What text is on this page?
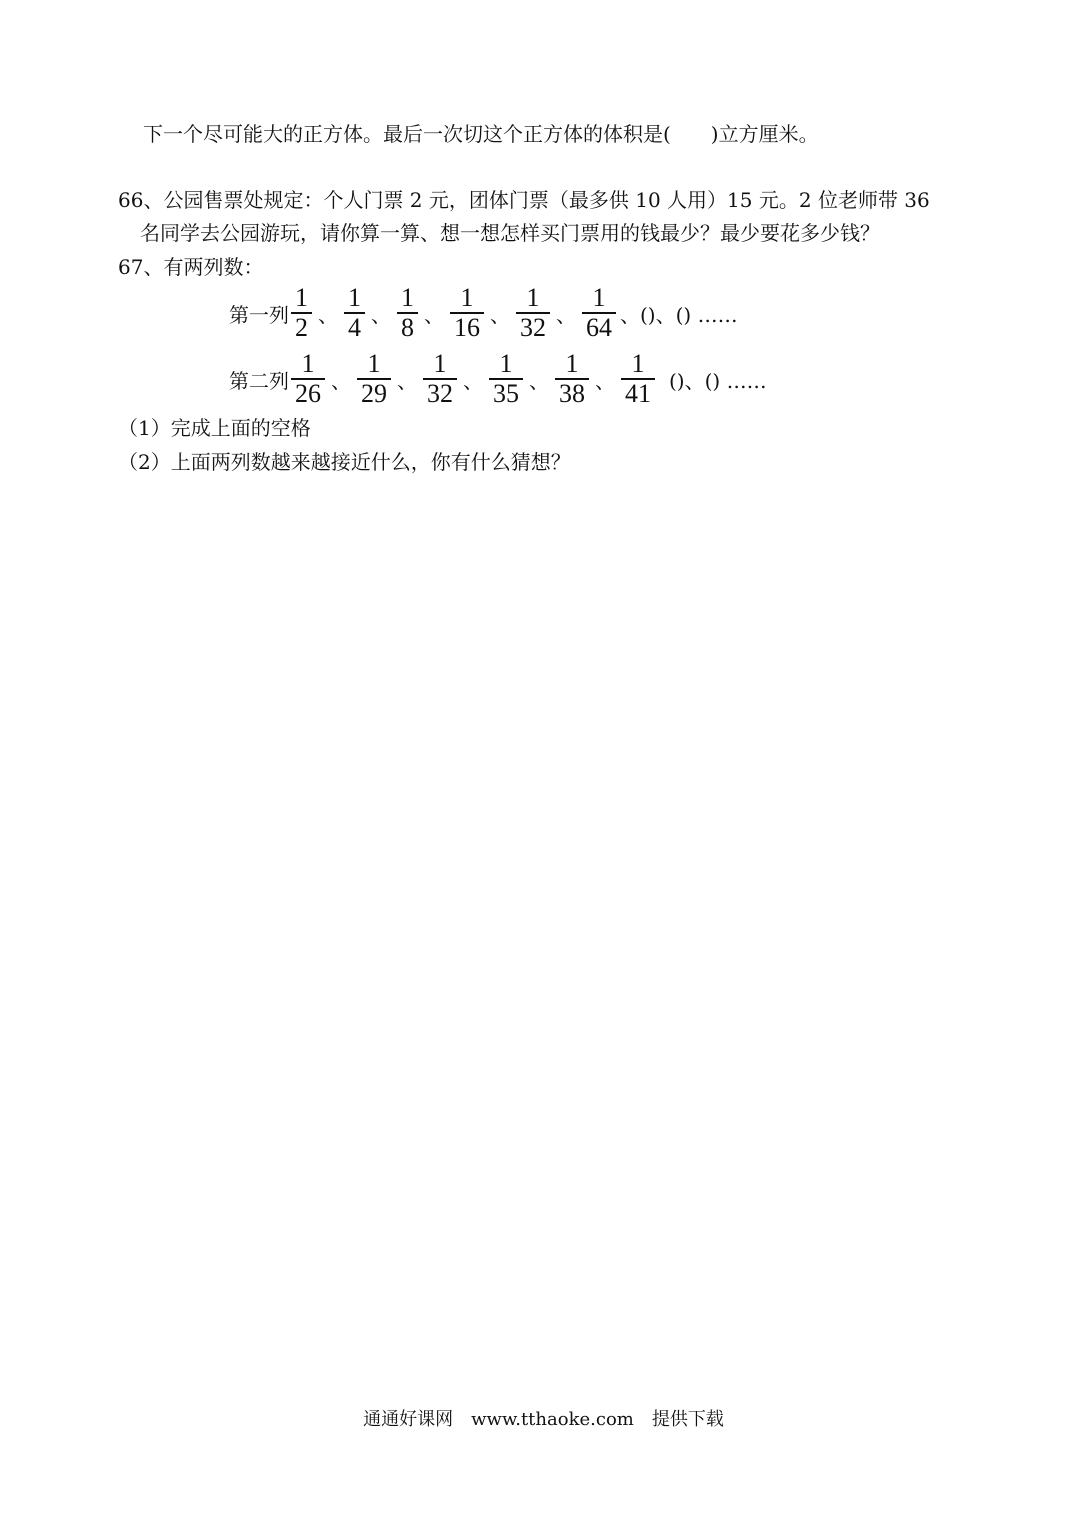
下一个尽可能大的正方体。最后一次切这个正方体的体积是(　　)立方厘米。
66、公园售票处规定：个人门票 2 元，团体门票（最多供 10 人用）15 元。2 位老师带 36
名同学去公园游玩，请你算一算、想一想怎样买门票用的钱最少？最少要花多少钱？
67、有两列数：
第一列 $\frac{1}{2}$ 、 $\frac{1}{4}$ 、 $\frac{1}{8}$ 、 $\frac{1}{16}$ 、 $\frac{1}{32}$ 、 $\frac{1}{64}$ 、()、() ……
第二列 $\frac{1}{26}$ 、 $\frac{1}{29}$ 、 $\frac{1}{32}$ 、 $\frac{1}{35}$ 、 $\frac{1}{38}$ 、 $\frac{1}{41}$ ()、() ……
（1）完成上面的空格
（2）上面两列数越来越接近什么，你有什么猜想？
通通好课网　www.tthaoke.com　提供下载
